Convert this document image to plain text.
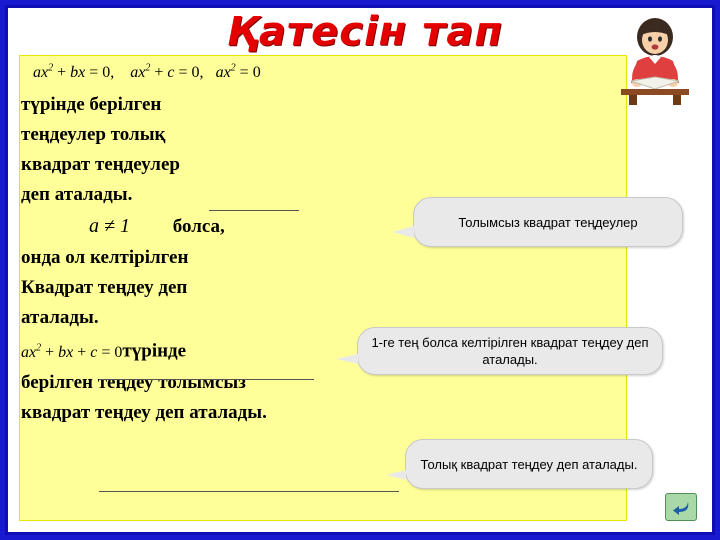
Қатесін тап
$ax^2$ + bx = 0, $ax^2 + c = 0$, $ax^2 = 0$

түрінде берілген

теңдеулер толық

квадрат теңдеулер

деп аталады.

a ≠ 1 болса,

онда ол келтірілген

Квадрат теңдеу деп

аталады.

$ax^2$ + bx + c = 0түрінде

берілген теңдеу толымсыз

квадрат теңдеу деп аталады.

Толымсыз квадрат теңдеулер
1-ге тең болса келтірілген квадрат теңдеу деп аталады.
Толық квадрат теңдеу деп аталады.
